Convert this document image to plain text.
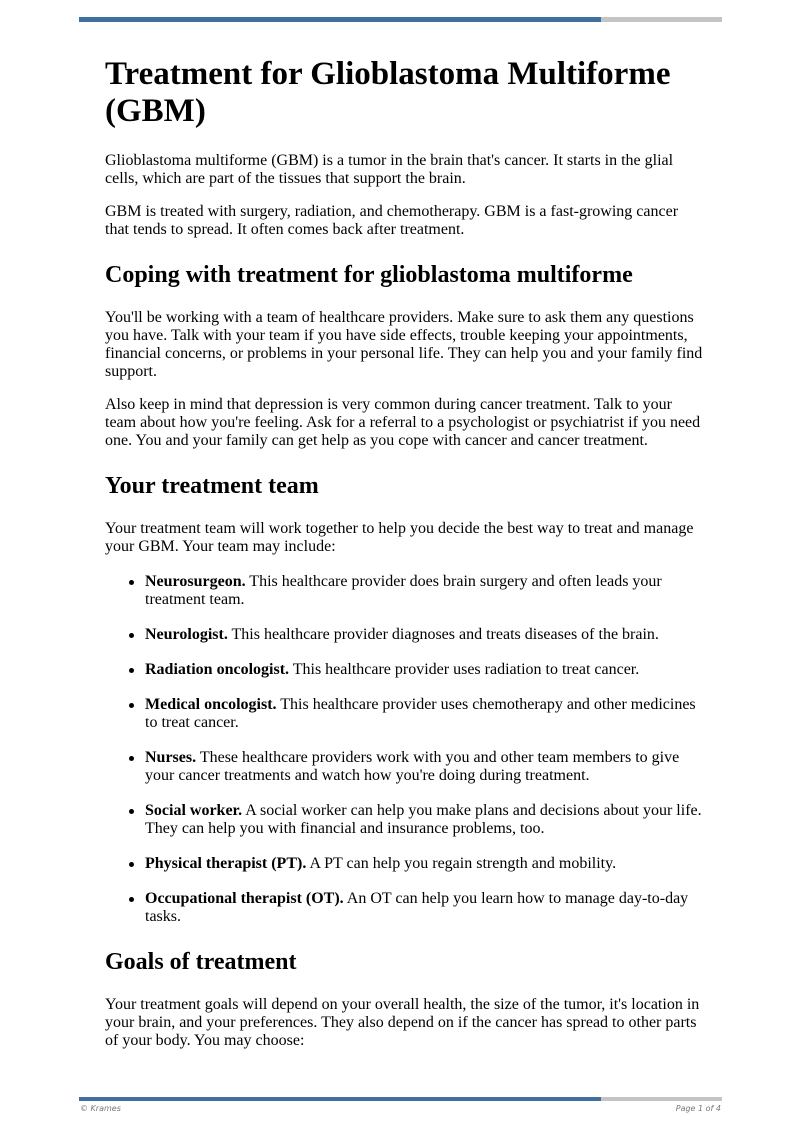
Treatment for Glioblastoma Multiforme (GBM)

Glioblastoma multiforme (GBM) is a tumor in the brain that's cancer. It starts in the glial cells, which are part of the tissues that support the brain.

GBM is treated with surgery, radiation, and chemotherapy. GBM is a fast-growing cancer that tends to spread. It often comes back after treatment.

Coping with treatment for glioblastoma multiforme

You'll be working with a team of healthcare providers. Make sure to ask them any questions you have. Talk with your team if you have side effects, trouble keeping your appointments, financial concerns, or problems in your personal life. They can help you and your family find support.

Also keep in mind that depression is very common during cancer treatment. Talk to your team about how you're feeling. Ask for a referral to a psychologist or psychiatrist if you need one. You and your family can get help as you cope with cancer and cancer treatment.

Your treatment team

Your treatment team will work together to help you decide the best way to treat and manage your GBM. Your team may include:

Neurosurgeon. This healthcare provider does brain surgery and often leads your treatment team.
Neurologist. This healthcare provider diagnoses and treats diseases of the brain.
Radiation oncologist. This healthcare provider uses radiation to treat cancer.
Medical oncologist. This healthcare provider uses chemotherapy and other medicines to treat cancer.
Nurses. These healthcare providers work with you and other team members to give your cancer treatments and watch how you're doing during treatment.
Social worker. A social worker can help you make plans and decisions about your life. They can help you with financial and insurance problems, too.
Physical therapist (PT). A PT can help you regain strength and mobility.
Occupational therapist (OT). An OT can help you learn how to manage day-to-day tasks.
Goals of treatment

Your treatment goals will depend on your overall health, the size of the tumor, it's location in your brain, and your preferences. They also depend on if the cancer has spread to other parts of your body. You may choose:

© Krames	Page 1 of 4
